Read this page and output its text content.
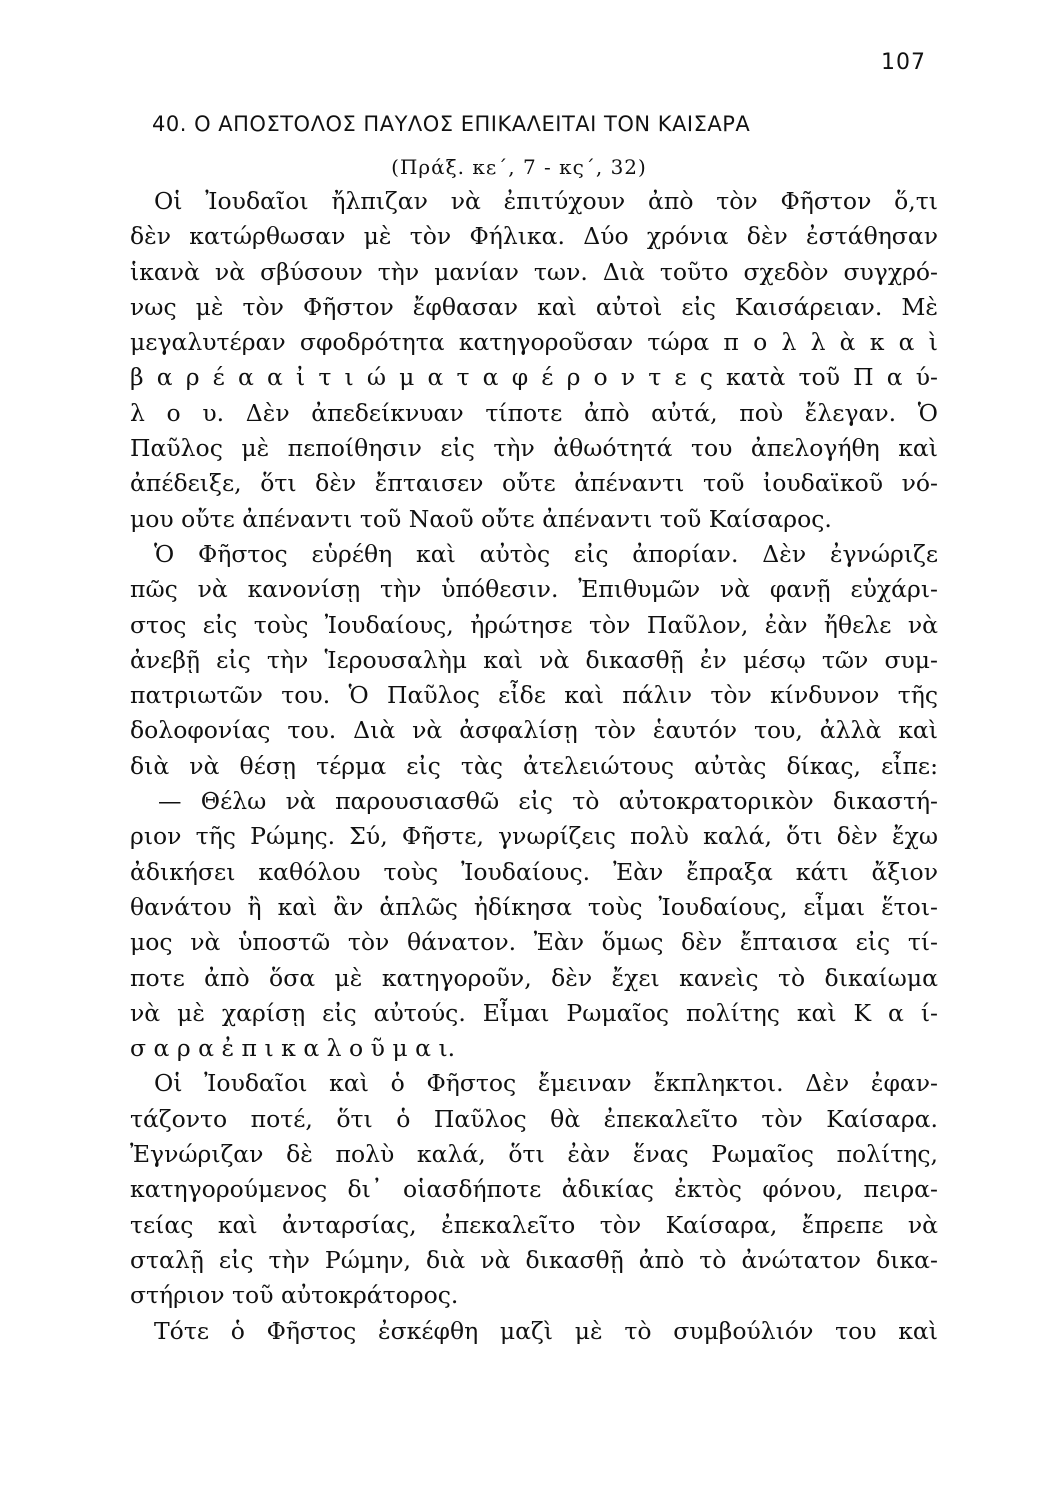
107
40. Ο ΑΠΟΣΤΟΛΟΣ ΠΑΥΛΟΣ ΕΠΙΚΑΛΕΙΤΑΙ ΤΟΝ ΚΑΙΣΑΡΑ
(Πράξ. κε΄, 7 - κς΄, 32)
Οἱ Ἰουδαῖοι ἤλπιζαν νὰ ἐπιτύχουν ἀπὸ τὸν Φῆστον ὅ,τι
δὲν κατώρθωσαν μὲ τὸν Φήλικα. Δύο χρόνια δὲν ἐστάθησαν
ἱκανὰ νὰ σβύσουν τὴν μανίαν των. Διὰ τοῦτο σχεδὸν συγχρό-
νως μὲ τὸν Φῆστον ἔφθασαν καὶ αὐτοὶ εἰς Καισάρειαν. Μὲ
μεγαλυτέραν σφοδρότητα κατηγοροῦσαν τώρα π ο λ λ ὰ κ α ὶ
β α ρ έ α α ἰ τ ι ώ μ α τ α φ έ ρ ο ν τ ε ς κατὰ τοῦ Π α ύ-
λ ο υ. Δὲν ἀπεδείκνυαν τίποτε ἀπὸ αὐτά, ποὺ ἔλεγαν. Ὁ
Παῦλος μὲ πεποίθησιν εἰς τὴν ἀθωότητά του ἀπελογήθη καὶ
ἀπέδειξε, ὅτι δὲν ἔπταισεν οὔτε ἀπέναντι τοῦ ἰουδαϊκοῦ νό-
μου οὔτε ἀπέναντι τοῦ Ναοῦ οὔτε ἀπέναντι τοῦ Καίσαρος.
Ὁ Φῆστος εὑρέθη καὶ αὐτὸς εἰς ἀπορίαν. Δὲν ἐγνώριζε
πῶς νὰ κανονίσῃ τὴν ὑπόθεσιν. Ἐπιθυμῶν νὰ φανῇ εὐχάρι-
στος εἰς τοὺς Ἰουδαίους, ἠρώτησε τὸν Παῦλον, ἐὰν ἤθελε νὰ
ἀνεβῇ εἰς τὴν Ἱερουσαλὴμ καὶ νὰ δικασθῇ ἐν μέσῳ τῶν συμ-
πατριωτῶν του. Ὁ Παῦλος εἶδε καὶ πάλιν τὸν κίνδυνον τῆς
δολοφονίας του. Διὰ νὰ ἀσφαλίσῃ τὸν ἑαυτόν του, ἀλλὰ καὶ
διὰ νὰ θέσῃ τέρμα εἰς τὰς ἀτελειώτους αὐτὰς δίκας, εἶπε:
— Θέλω νὰ παρουσιασθῶ εἰς τὸ αὐτοκρατορικὸν δικαστή-
ριον τῆς Ρώμης. Σύ, Φῆστε, γνωρίζεις πολὺ καλά, ὅτι δὲν ἔχω
ἀδικήσει καθόλου τοὺς Ἰουδαίους. Ἐὰν ἔπραξα κάτι ἄξιον
θανάτου ἢ καὶ ἂν ἁπλῶς ἠδίκησα τοὺς Ἰουδαίους, εἶμαι ἕτοι-
μος νὰ ὑποστῶ τὸν θάνατον. Ἐὰν ὅμως δὲν ἔπταισα εἰς τί-
ποτε ἀπὸ ὅσα μὲ κατηγοροῦν, δὲν ἔχει κανεὶς τὸ δικαίωμα
νὰ μὲ χαρίσῃ εἰς αὐτούς. Εἶμαι Ρωμαῖος πολίτης καὶ Κ α ί-
σ α ρ α ἐ π ι κ α λ ο ῦ μ α ι.
Οἱ Ἰουδαῖοι καὶ ὁ Φῆστος ἔμειναν ἔκπληκτοι. Δὲν ἐφαν-
τάζοντο ποτέ, ὅτι ὁ Παῦλος θὰ ἐπεκαλεῖτο τὸν Καίσαρα.
Ἐγνώριζαν δὲ πολὺ καλά, ὅτι ἐὰν ἕνας Ρωμαῖος πολίτης,
κατηγορούμενος δι᾿ οἱασδήποτε ἀδικίας ἐκτὸς φόνου, πειρα-
τείας καὶ ἀνταρσίας, ἐπεκαλεῖτο τὸν Καίσαρα, ἔπρεπε νὰ
σταλῇ εἰς τὴν Ρώμην, διὰ νὰ δικασθῇ ἀπὸ τὸ ἀνώτατον δικα-
στήριον τοῦ αὐτοκράτορος.
Τότε ὁ Φῆστος ἐσκέφθη μαζὶ μὲ τὸ συμβούλιόν του καὶ
